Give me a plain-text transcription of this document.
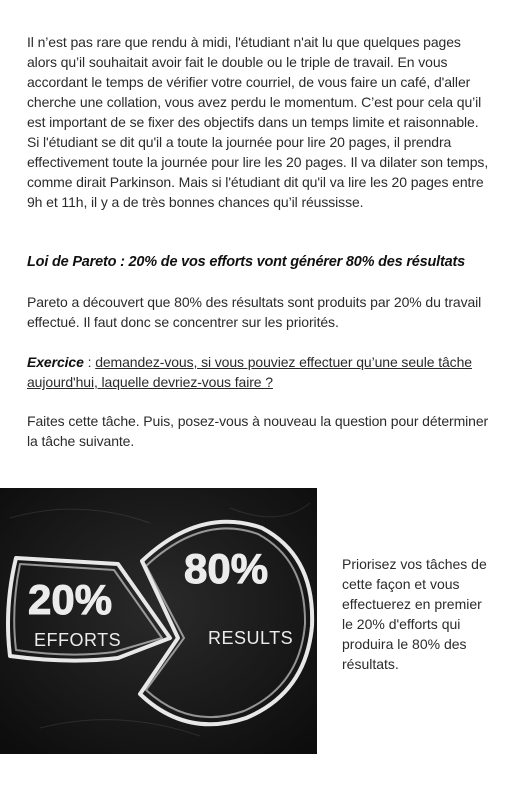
Il n’est pas rare que rendu à midi, l'étudiant n'ait lu que quelques pages alors qu’il souhaitait avoir fait le double ou le triple de travail. En vous accordant le temps de vérifier votre courriel, de vous faire un café, d'aller cherche une collation, vous avez perdu le momentum. C’est pour cela qu’il est important de se fixer des objectifs dans un temps limite et raisonnable. Si l'étudiant se dit qu'il a toute la journée pour lire 20 pages, il prendra effectivement toute la journée pour lire les 20 pages. Il va dilater son temps, comme dirait Parkinson. Mais si l'étudiant dit qu'il va lire les 20 pages entre 9h et 11h, il y a de très bonnes chances qu’il réussisse.
Loi de Pareto : 20% de vos efforts vont générer 80% des résultats
Pareto a découvert que 80% des résultats sont produits par 20% du travail effectué. Il faut donc se concentrer sur les priorités.
Exercice : demandez-vous, si vous pouviez effectuer qu’une seule tâche aujourd'hui, laquelle devriez-vous faire ?
Faites cette tâche. Puis, posez-vous à nouveau la question pour déterminer la tâche suivante.
20%
EFFORTS
80%
RESULTS
Priorisez vos tâches de cette façon et vous effectuerez en premier le 20% d'efforts qui produira le 80% des résultats.
